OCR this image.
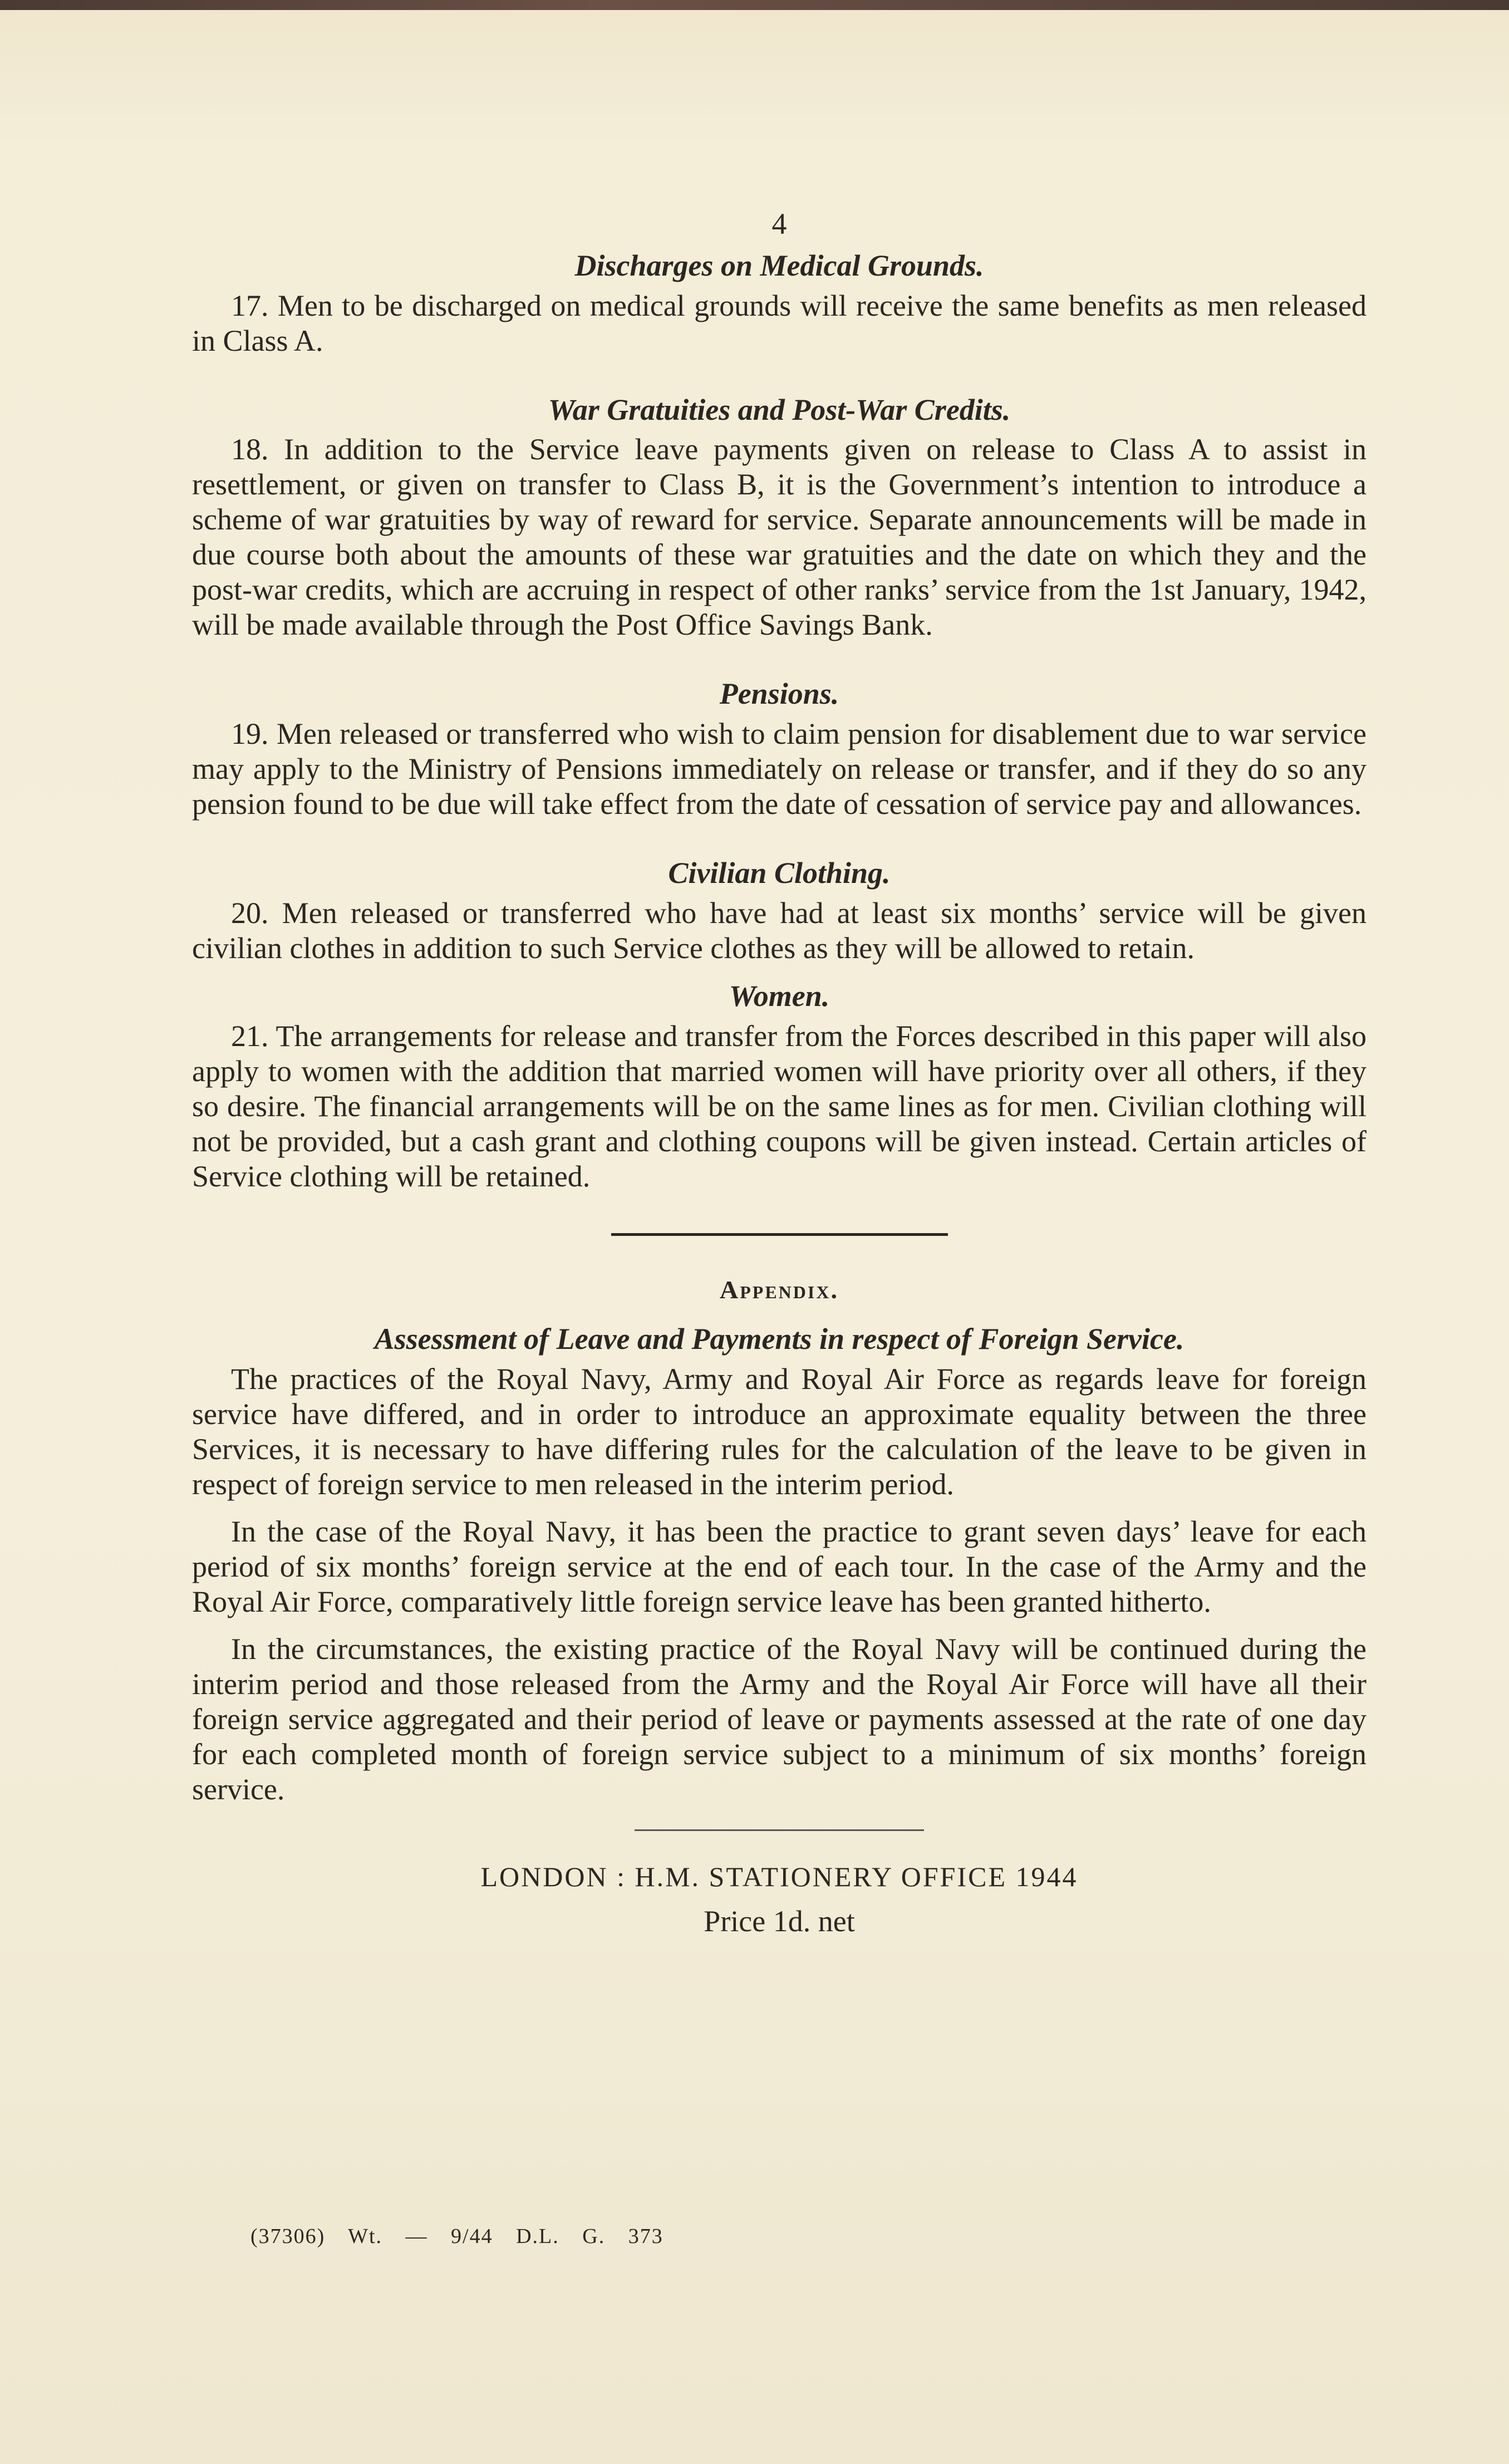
4

Discharges on Medical Grounds.

17. Men to be discharged on medical grounds will receive the same benefits as men released in Class A.

War Gratuities and Post-War Credits.

18. In addition to the Service leave payments given on release to Class A to assist in resettlement, or given on transfer to Class B, it is the Government’s intention to introduce a scheme of war gratuities by way of reward for service. Separate announcements will be made in due course both about the amounts of these war gratuities and the date on which they and the post-war credits, which are accruing in respect of other ranks’ service from the 1st January, 1942, will be made available through the Post Office Savings Bank.

Pensions.

19. Men released or transferred who wish to claim pension for disablement due to war service may apply to the Ministry of Pensions immediately on release or transfer, and if they do so any pension found to be due will take effect from the date of cessation of service pay and allowances.

Civilian Clothing.

20. Men released or transferred who have had at least six months’ service will be given civilian clothes in addition to such Service clothes as they will be allowed to retain.

Women.

21. The arrangements for release and transfer from the Forces described in this paper will also apply to women with the addition that married women will have priority over all others, if they so desire. The financial arrangements will be on the same lines as for men. Civilian clothing will not be provided, but a cash grant and clothing coupons will be given instead. Certain articles of Service clothing will be retained.

Appendix.
Assessment of Leave and Payments in respect of Foreign Service.

The practices of the Royal Navy, Army and Royal Air Force as regards leave for foreign service have differed, and in order to introduce an approximate equality between the three Services, it is necessary to have differing rules for the calculation of the leave to be given in respect of foreign service to men released in the interim period.

In the case of the Royal Navy, it has been the practice to grant seven days’ leave for each period of six months’ foreign service at the end of each tour. In the case of the Army and the Royal Air Force, comparatively little foreign service leave has been granted hitherto.

In the circumstances, the existing practice of the Royal Navy will be continued during the interim period and those released from the Army and the Royal Air Force will have all their foreign service aggregated and their period of leave or payments assessed at the rate of one day for each completed month of foreign service subject to a minimum of six months’ foreign service.

LONDON : H.M. STATIONERY OFFICE 1944

Price 1d. net

(37306) Wt. — 9/44 D.L. G. 373
